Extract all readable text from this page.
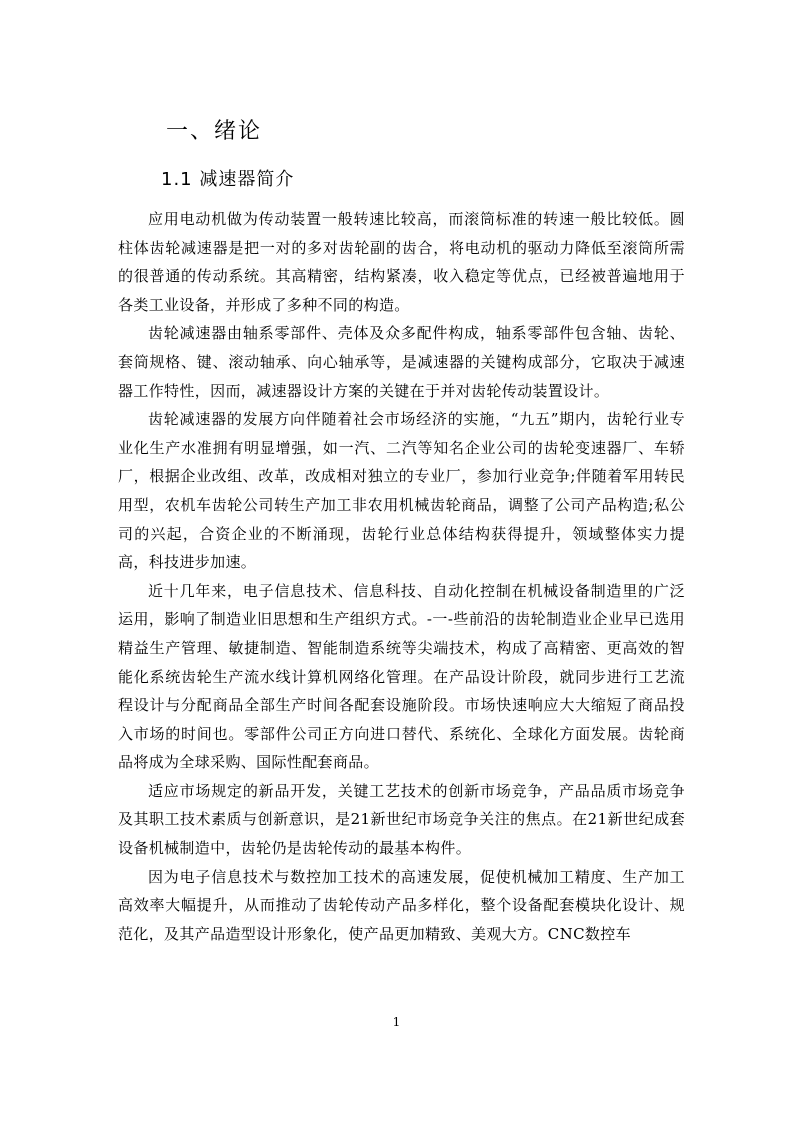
一、绪论
1.1 减速器简介

应用电动机做为传动装置一般转速比较高，而滚筒标准的转速一般比较低。圆柱体齿轮减速器是把一对的多对齿轮副的齿合，将电动机的驱动力降低至滚筒所需的很普通的传动系统。其高精密，结构紧凑，收入稳定等优点，已经被普遍地用于各类工业设备，并形成了多种不同的构造。

齿轮减速器由轴系零部件、壳体及众多配件构成，轴系零部件包含轴、齿轮、套筒规格、键、滚动轴承、向心轴承等，是减速器的关键构成部分，它取决于减速器工作特性，因而，减速器设计方案的关键在于并对齿轮传动装置设计。

齿轮减速器的发展方向伴随着社会市场经济的实施，“九五”期内，齿轮行业专业化生产水准拥有明显增强，如一汽、二汽等知名企业公司的齿轮变速器厂、车轿厂，根据企业改组、改革，改成相对独立的专业厂，参加行业竞争;伴随着军用转民用型，农机车齿轮公司转生产加工非农用机械齿轮商品，调整了公司产品构造;私公司的兴起，合资企业的不断涌现，齿轮行业总体结构获得提升，领域整体实力提高，科技进步加速。

近十几年来，电子信息技术、信息科技、自动化控制在机械设备制造里的广泛运用，影响了制造业旧思想和生产组织方式。-一-些前沿的齿轮制造业企业早已选用精益生产管理、敏捷制造、智能制造系统等尖端技术，构成了高精密、更高效的智能化系统齿轮生产流水线计算机网络化管理。在产品设计阶段，就同步进行工艺流程设计与分配商品全部生产时间各配套设施阶段。市场快速响应大大缩短了商品投入市场的时间也。零部件公司正方向进口替代、系统化、全球化方面发展。齿轮商品将成为全球采购、国际性配套商品。

适应市场规定的新品开发，关键工艺技术的创新市场竞争，产品品质市场竞争及其职工技术素质与创新意识，是21新世纪市场竞争关注的焦点。在21新世纪成套设备机械制造中，齿轮仍是齿轮传动的最基本构件。

因为电子信息技术与数控加工技术的高速发展，促使机械加工精度、生产加工高效率大幅提升，从而推动了齿轮传动产品多样化，整个设备配套模块化设计、规范化，及其产品造型设计形象化，使产品更加精致、美观大方。CNC数控车

1
